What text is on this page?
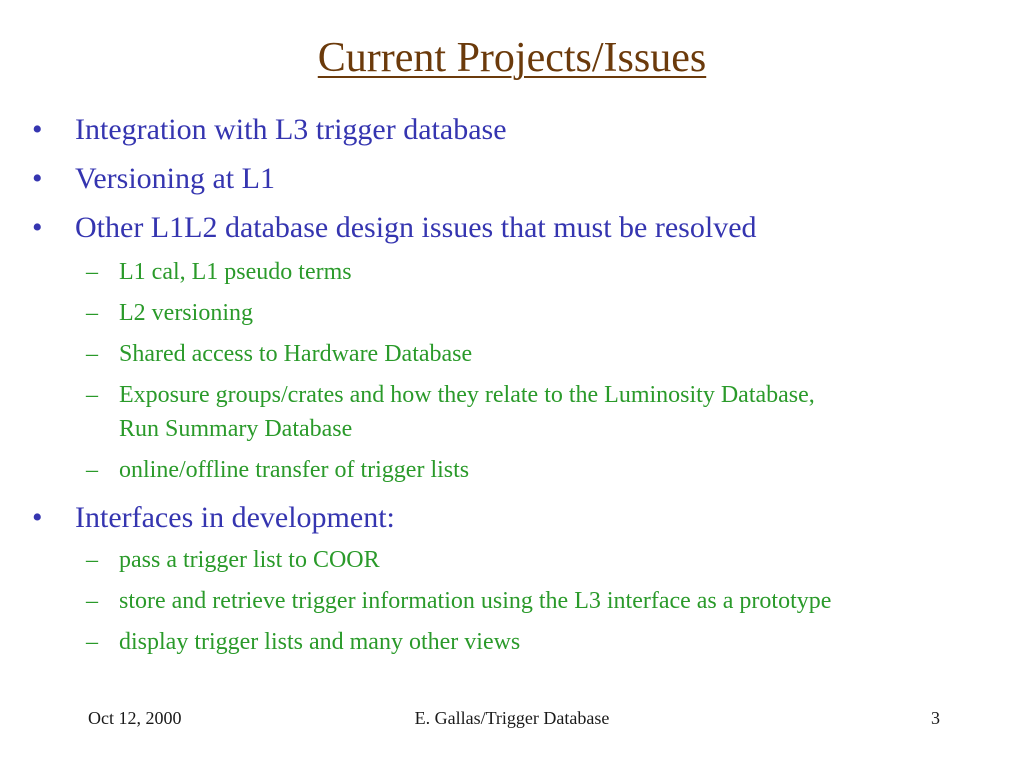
Current Projects/Issues
•	Integration with L3 trigger database
•	Versioning at L1
•	Other L1L2 database design issues that must be resolved
– L1 cal, L1 pseudo terms
– L2 versioning
– Shared access to Hardware Database
– Exposure groups/crates and how they relate to the Luminosity Database,
Run Summary Database
– online/offline transfer of trigger lists
•	Interfaces in development:
– pass a trigger list to COOR
– store and retrieve trigger information using the L3 interface as a prototype
– display trigger lists and many other views
Oct 12, 2000	E. Gallas/Trigger Database	3
